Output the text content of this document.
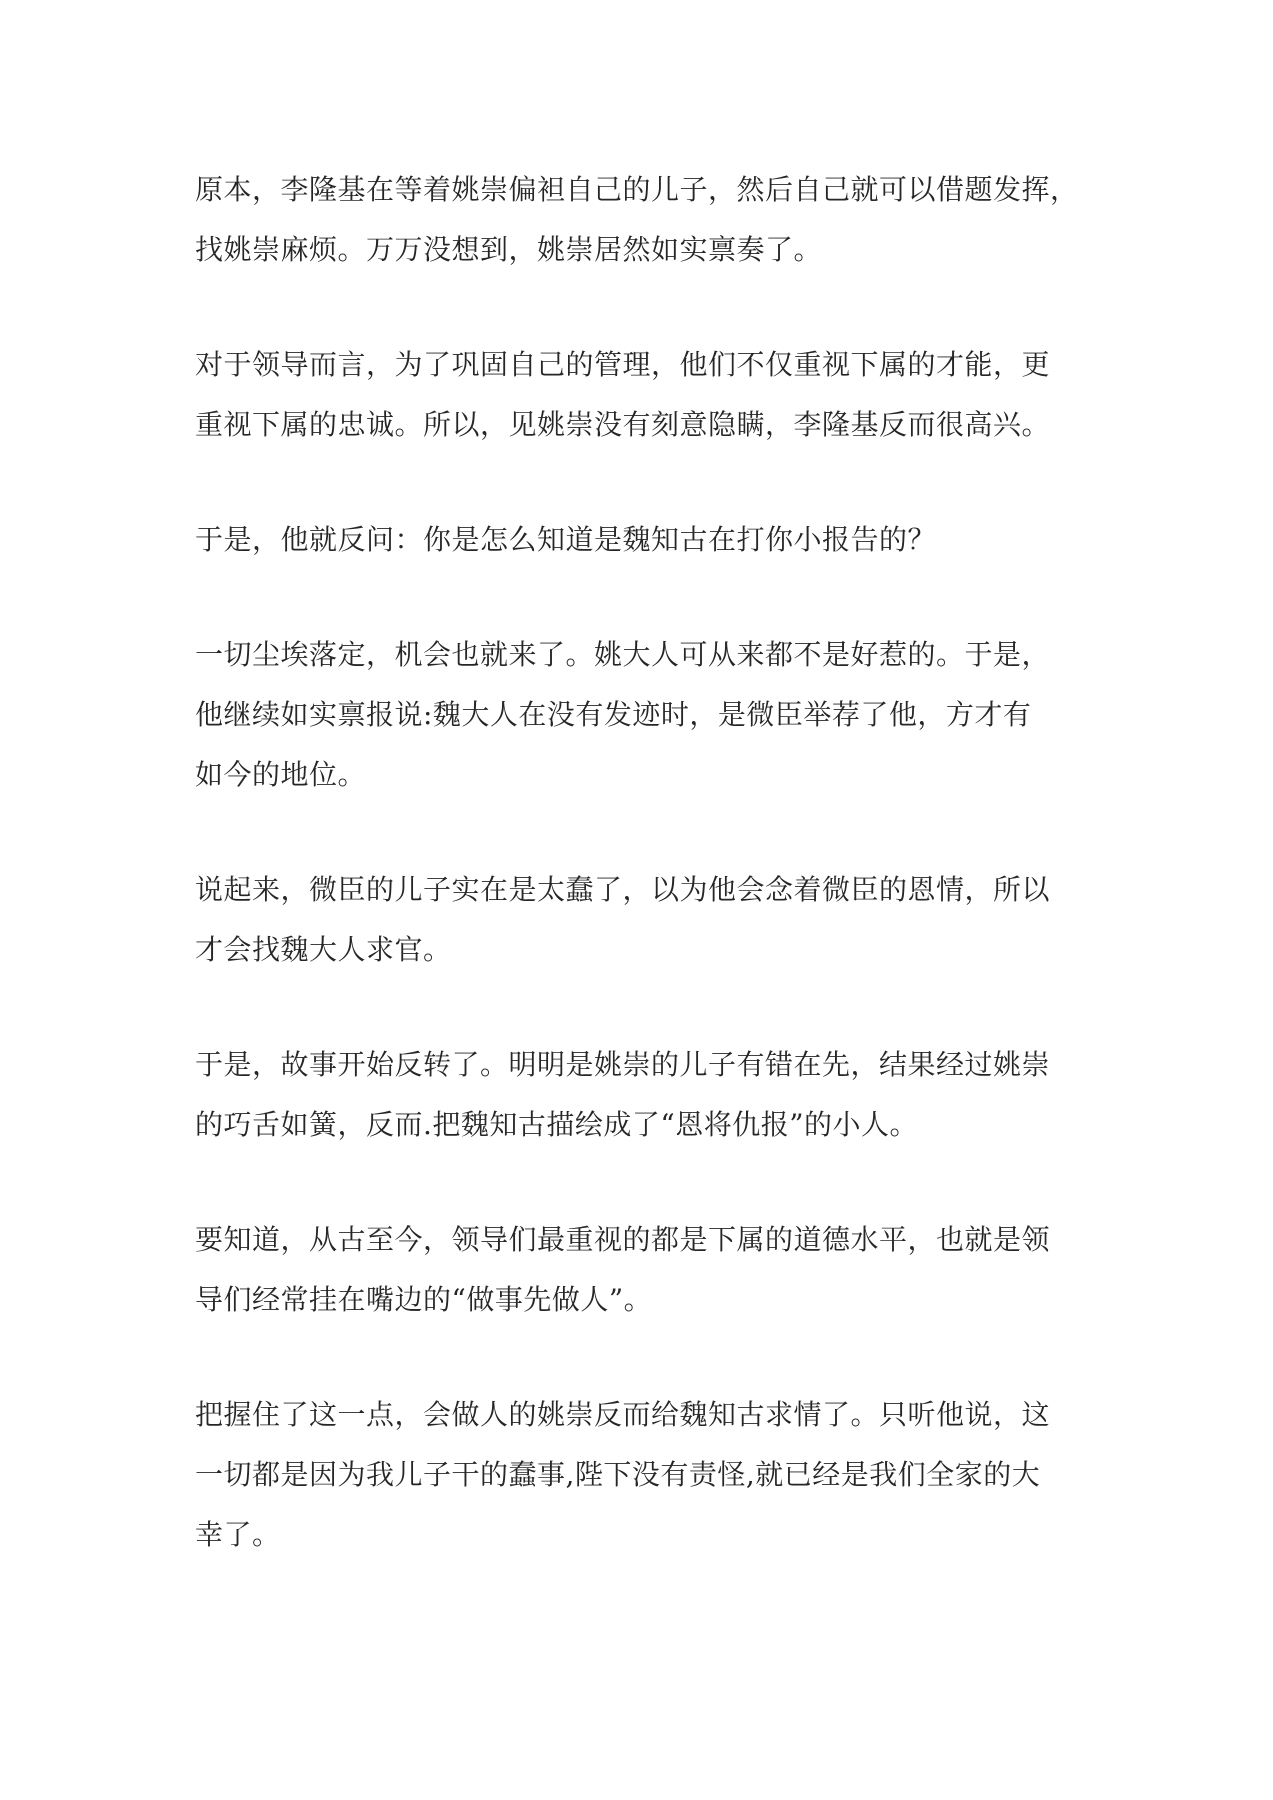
原本，李隆基在等着姚崇偏袒自己的儿子，然后自己就可以借题发挥，
找姚崇麻烦。万万没想到，姚崇居然如实禀奏了。

对于领导而言，为了巩固自己的管理，他们不仅重视下属的才能，更
重视下属的忠诚。所以，见姚崇没有刻意隐瞒，李隆基反而很高兴。

于是，他就反问：你是怎么知道是魏知古在打你小报告的？

一切尘埃落定，机会也就来了。姚大人可从来都不是好惹的。于是，
他继续如实禀报说:魏大人在没有发迹时，是微臣举荐了他，方才有
如今的地位。

说起来，微臣的儿子实在是太蠢了，以为他会念着微臣的恩情，所以
才会找魏大人求官。

于是，故事开始反转了。明明是姚崇的儿子有错在先，结果经过姚崇
的巧舌如簧，反而.把魏知古描绘成了“恩将仇报”的小人。

要知道，从古至今，领导们最重视的都是下属的道德水平，也就是领
导们经常挂在嘴边的“做事先做人”。

把握住了这一点，会做人的姚崇反而给魏知古求情了。只听他说，这
一切都是因为我儿子干的蠢事,陛下没有责怪,就已经是我们全家的大
幸了。
